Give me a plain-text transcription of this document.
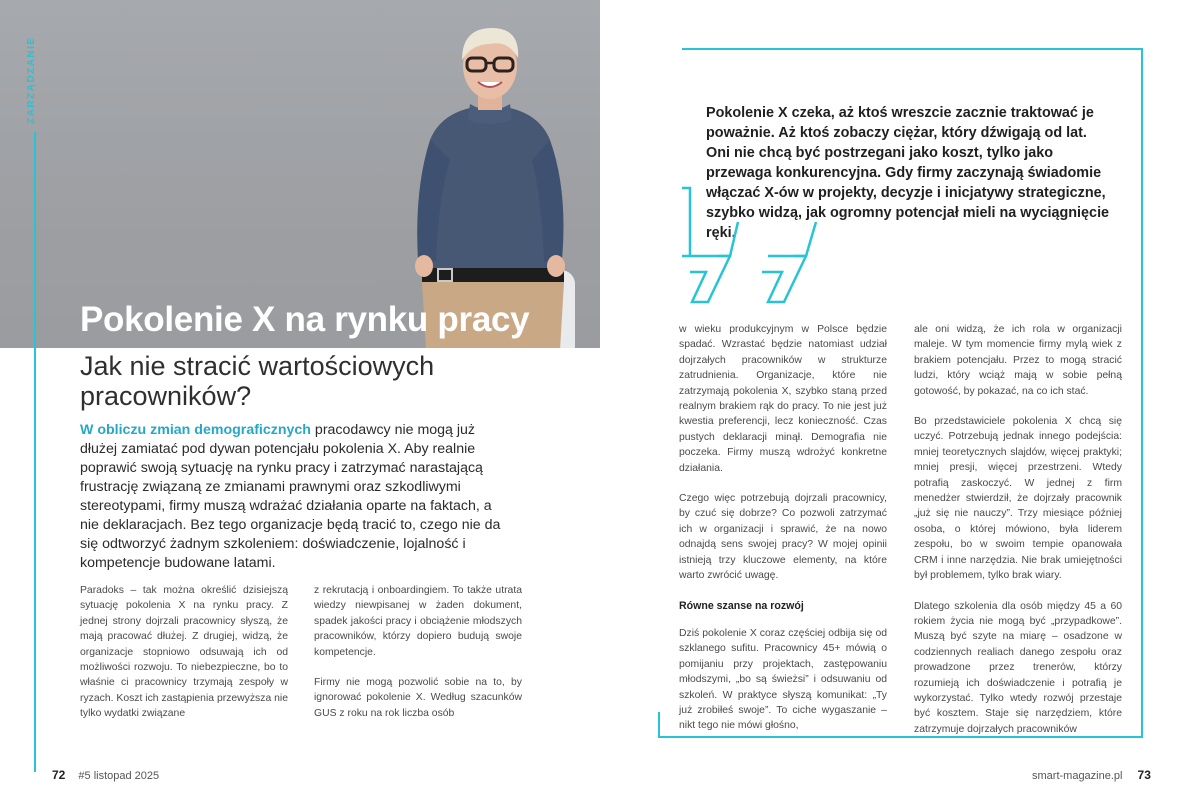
ZARZĄDZANIE
Pokolenie X na rynku pracy
Jak nie stracić wartościowych pracowników?

W obliczu zmian demograficznych pracodawcy nie mogą już dłużej zamiatać pod dywan potencjału pokolenia X. Aby realnie poprawić swoją sytuację na rynku pracy i zatrzymać narastającą frustrację związaną ze zmianami prawnymi oraz szkodliwymi stereotypami, firmy muszą wdrażać działania oparte na faktach, a nie deklaracjach. Bez tego organizacje będą tracić to, czego nie da się odtworzyć żadnym szkoleniem: doświadczenie, lojalność i kompetencje budowane latami.

Paradoks – tak można określić dzisiejszą sytuację pokolenia X na rynku pracy. Z jednej strony dojrzali pracownicy słyszą, że mają pracować dłużej. Z drugiej, widzą, że organizacje stopniowo odsuwają ich od możliwości rozwoju. To niebezpieczne, bo to właśnie ci pracownicy trzymają zespoły w ryzach. Koszt ich zastąpienia przewyższa nie tylko wydatki związane

z rekrutacją i onboardingiem. To także utrata wiedzy niewpisanej w żaden dokument, spadek jakości pracy i obciążenie młodszych pracowników, którzy dopiero budują swoje kompetencje.

Firmy nie mogą pozwolić sobie na to, by ignorować pokolenie X. Według szacunków GUS z roku na rok liczba osób

72 #5 listopad 2025

Pokolenie X czeka, aż ktoś wreszcie zacznie traktować je poważnie. Aż ktoś zobaczy ciężar, który dźwigają od lat. Oni nie chcą być postrzegani jako koszt, tylko jako przewaga konkurencyjna. Gdy firmy zaczynają świadomie włączać X-ów w projekty, decyzje i inicjatywy strategiczne, szybko widzą, jak ogromny potencjał mieli na wyciągnięcie ręki.

w wieku produkcyjnym w Polsce będzie spadać. Wzrastać będzie natomiast udział dojrzałych pracowników w strukturze zatrudnienia. Organizacje, które nie zatrzymają pokolenia X, szybko staną przed realnym brakiem rąk do pracy. To nie jest już kwestia preferencji, lecz konieczność. Czas pustych deklaracji minął. Demografia nie poczeka. Firmy muszą wdrożyć konkretne działania.

Czego więc potrzebują dojrzali pracownicy, by czuć się dobrze? Co pozwoli zatrzymać ich w organizacji i sprawić, że na nowo odnajdą sens swojej pracy? W mojej opinii istnieją trzy kluczowe elementy, na które warto zwrócić uwagę.

Równe szanse na rozwój

Dziś pokolenie X coraz częściej odbija się od szklanego sufitu. Pracownicy 45+ mówią o pomijaniu przy projektach, zastępowaniu młodszymi, „bo są świeżsi” i odsuwaniu od szkoleń. W praktyce słyszą komunikat: „Ty już zrobiłeś swoje”. To ciche wygaszanie – nikt tego nie mówi głośno,

ale oni widzą, że ich rola w organizacji maleje. W tym momencie firmy mylą wiek z brakiem potencjału. Przez to mogą stracić ludzi, który wciąż mają w sobie pełną gotowość, by pokazać, na co ich stać.

Bo przedstawiciele pokolenia X chcą się uczyć. Potrzebują jednak innego podejścia: mniej teoretycznych slajdów, więcej praktyki; mniej presji, więcej przestrzeni. Wtedy potrafią zaskoczyć. W jednej z firm menedżer stwierdził, że dojrzały pracownik „już się nie nauczy”. Trzy miesiące później osoba, o której mówiono, była liderem zespołu, bo w swoim tempie opanowała CRM i inne narzędzia. Nie brak umiejętności był problemem, tylko brak wiary.

Dlatego szkolenia dla osób między 45 a 60 rokiem życia nie mogą być „przypadkowe”. Muszą być szyte na miarę – osadzone w codziennych realiach danego zespołu oraz prowadzone przez trenerów, którzy rozumieją ich doświadczenie i potrafią je wykorzystać. Tylko wtedy rozwój przestaje być kosztem. Staje się narzędziem, które zatrzymuje dojrzałych pracowników

smart-magazine.pl 73
